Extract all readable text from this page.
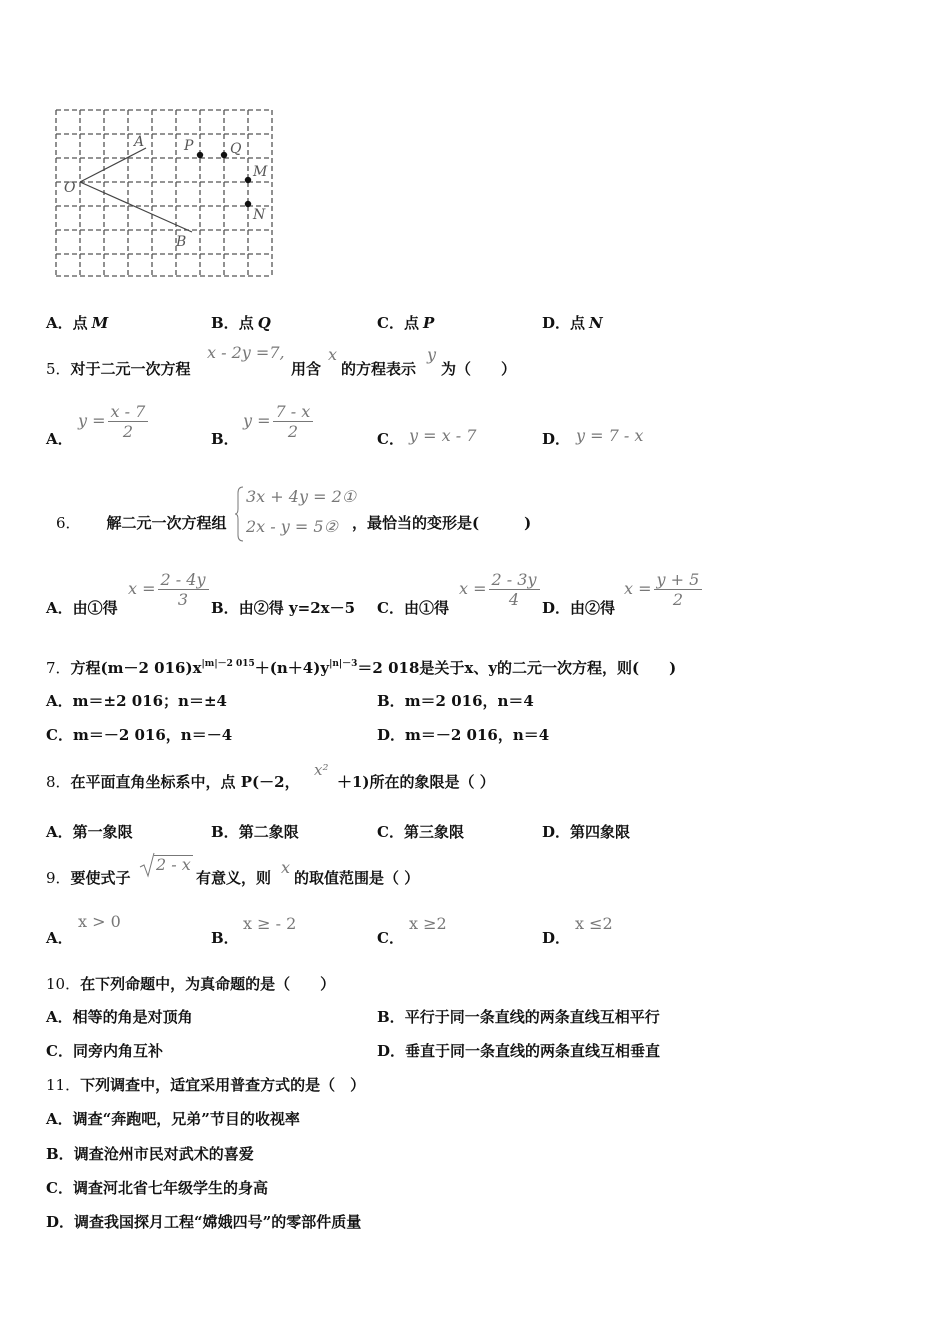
O
A
B
P	Q
M
N
A．点 M	B．点 Q	C．点 P	D．点 N
5．对于二元一次方程
x - 2y =7,
用含
x
的方程表示
y
为（　　）
A．
$y = \frac{x - 7}{2}$	B．
$y = \frac{7 - x}{2}$	C． y = x - 7	D． y = 7 - x
6． 解二元一次方程组
3x + 4y = 2①
2x - y = 5② ，最恰当的变形是(　　　)
A．由①得
$x = \frac{2 - 4y}{3}$ B．由②得 y=2x－5 C．由①得
$x = \frac{2 - 3y}{4}$ D．由②得
$x = \frac{y + 5}{2}$
7．方程(m－2 $016)x^{|m|-2 015}+(n+4)y^{|n|-3}=2$ 018是关于x、y的二元一次方程，则(　　)
A．m＝±2 016；n＝±4	B．m＝2 016，n＝4
C．m＝－2 016，n＝－4	D．m＝－2 016，n＝4
8．在平面直角坐标系中，点 P(－2，
x²
＋1)所在的象限是（ ）
A．第一象限	B．第二象限	C．第三象限	D．第四象限
9．要使式子
2 - x
有意义，则
x
的取值范围是（ ）
A．
x > 0
B．
x ≥ - 2
C．
x ≥2
D．
x ≤2
10．在下列命题中，为真命题的是（　　）
A．相等的角是对顶角	B．平行于同一条直线的两条直线互相平行
C．同旁内角互补	D．垂直于同一条直线的两条直线互相垂直
11．下列调查中，适宜采用普查方式的是（　）
A．调查“奔跑吧，兄弟”节目的收视率
B．调查沧州市民对武术的喜爱
C．调查河北省七年级学生的身高
D．调查我国探月工程“嫦娥四号”的零部件质量
